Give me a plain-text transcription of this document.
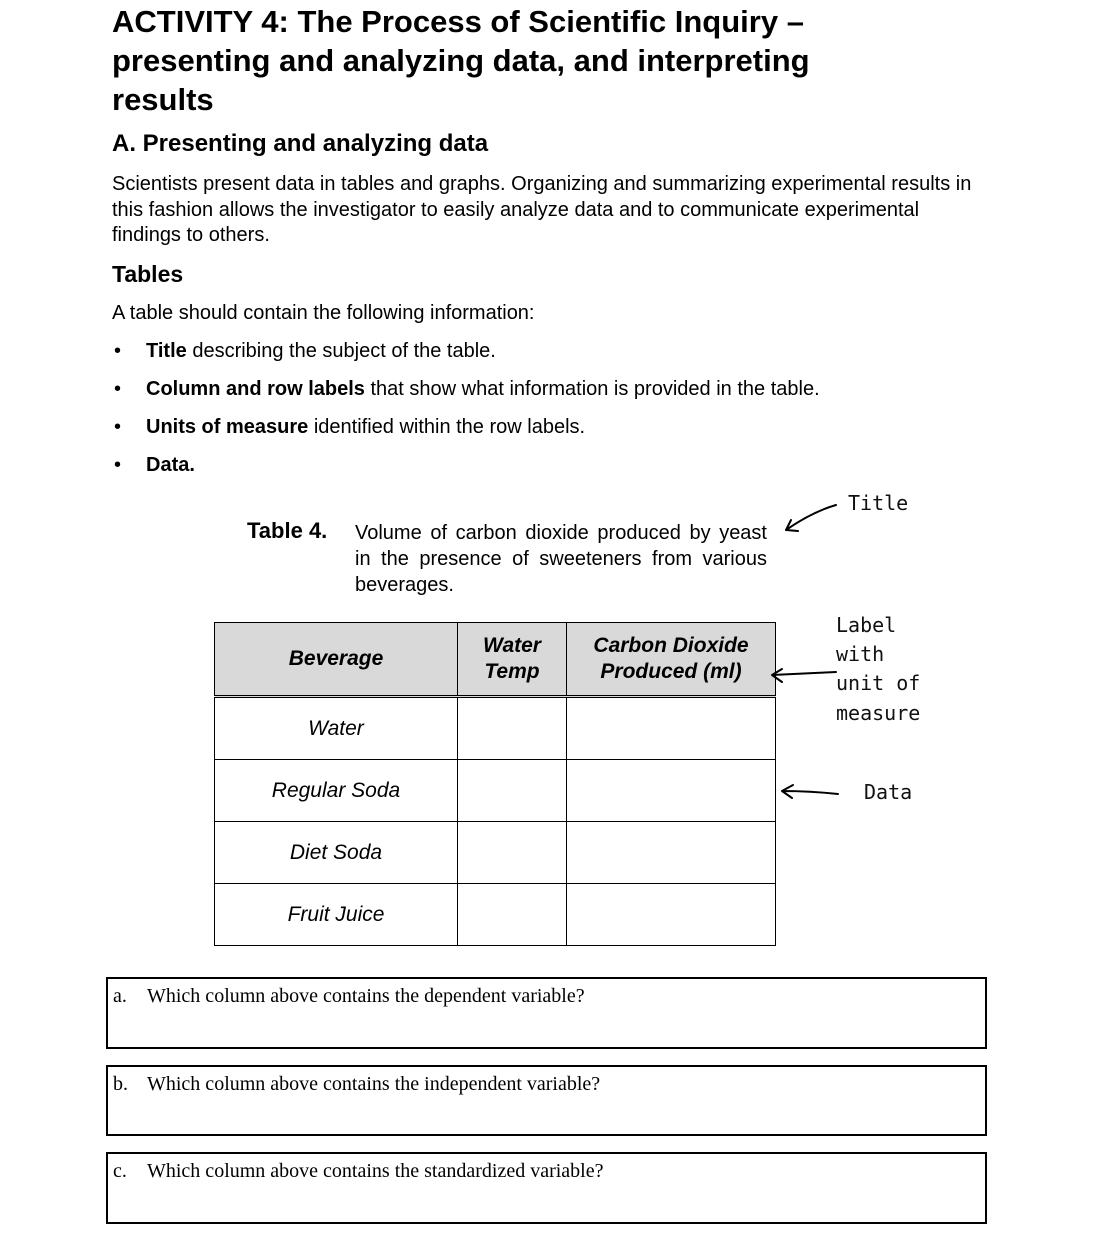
ACTIVITY 4: The Process of Scientific Inquiry – presenting and analyzing data, and interpreting results
A. Presenting and analyzing data

Scientists present data in tables and graphs. Organizing and summarizing experimental results in this fashion allows the investigator to easily analyze data and to communicate experimental findings to others.

Tables

A table should contain the following information:

• Title describing the subject of the table.
• Column and row labels that show what information is provided in the table.
• Units of measure identified within the row labels.
• Data.
Table 4. Volume of carbon dioxide produced by yeast in the presence of sweeteners from various beverages.
Beverage	Water Temp	Carbon Dioxide Produced (ml)
Water		
Regular Soda		
Diet Soda		
Fruit Juice		
Title
Label
with
unit of
measure
Data
a. Which column above contains the dependent variable?
b. Which column above contains the independent variable?
c. Which column above contains the standardized variable?
